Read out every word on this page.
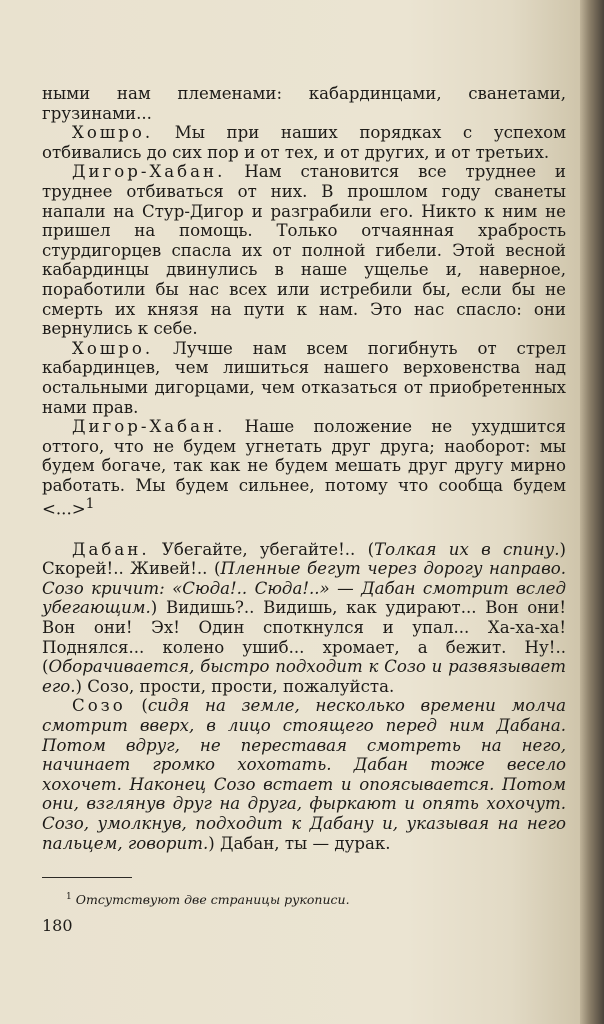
ными нам племенами: кабардинцами, сванетами, грузинами...

Хошро. Мы при наших порядках с успехом отбивались до сих пор и от тех, и от других, и от третьих.

Дигор-Хабан. Нам становится все труднее и труднее отбиваться от них. В прошлом году сванеты напали на Стур-Дигор и разграбили его. Никто к ним не пришел на помощь. Только отчаянная храбрость стурдигорцев спасла их от полной гибели. Этой весной кабардинцы двинулись в наше ущелье и, наверное, поработили бы нас всех или истребили бы, если бы не смерть их князя на пути к нам. Это нас спасло: они вернулись к себе.

Хошро. Лучше нам всем погибнуть от стрел кабардинцев, чем лишиться нашего верховенства над остальными дигорцами, чем отказаться от приобретенных нами прав.

Дигор-Хабан. Наше положение не ухудшится оттого, что не будем угнетать друг друга; наоборот: мы будем богаче, так как не будем мешать друг другу мирно работать. Мы будем сильнее, потому что сообща будем <...>$^1$

Дабан. Убегайте, убегайте!.. (Толкая их в спину.) Скорей!.. Живей!.. (Пленные бегут через дорогу направо. Созо кричит: «Сюда!.. Сюда!..» — Дабан смотрит вслед убегающим.) Видишь?.. Видишь, как удирают... Вон они! Вон они! Эх! Один споткнулся и упал... Ха-ха-ха! Поднялся... колено ушиб... хромает, а бежит. Ну!.. (Оборачивается, быстро подходит к Созо и развязывает его.) Созо, прости, прости, пожалуйста.

Созо (сидя на земле, несколько времени молча смотрит вверх, в лицо стоящего перед ним Дабана. Потом вдруг, не переставая смотреть на него, начинает громко хохотать. Дабан тоже весело хохочет. Наконец Созо встает и опоясывается. Потом они, взглянув друг на друга, фыркают и опять хохочут. Созо, умолкнув, подходит к Дабану и, указывая на него пальцем, говорит.) Дабан, ты — дурак.

$^1$ Отсутствуют две страницы рукописи.
180
